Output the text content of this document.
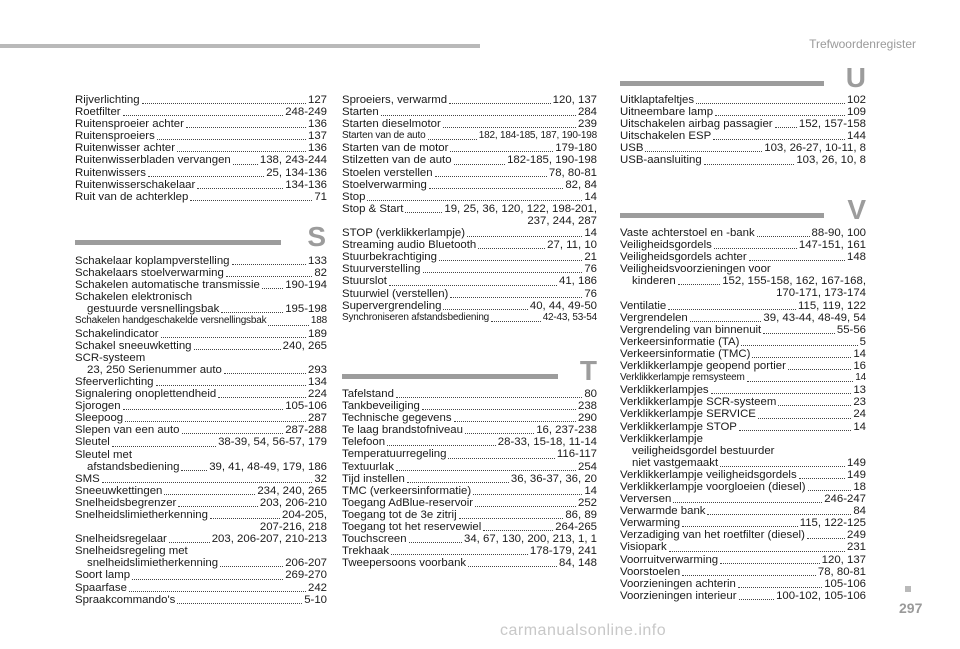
Trefwoordenregister
Rijverlichting	127
Roetfilter	248-249
Ruitensproeier achter	136
Ruitensproeiers	137
Ruitenwisser achter	136
Ruitenwisserbladen vervangen	138, 243-244
Ruitenwissers	25, 134-136
Ruitenwisserschakelaar	134-136
Ruit van de achterklep	71
S
Schakelaar koplampverstelling	133
Schakelaars stoelverwarming	82
Schakelen automatische transmissie 190-194
Schakelen elektronisch
gestuurde versnellingsbak	195-198
Schakelen handgeschakelde versnellingsbak	188
Schakelindicator	189
Schakel sneeuwketting	240, 265
SCR-systeem
23, 250 Serienummer auto	293
Sfeerverlichting	134
Signalering onoplettendheid	224
Sjorogen	105-106
Sleepoog	287
Slepen van een auto	287-288
Sleutel	38-39, 54, 56-57, 179
Sleutel met
afstandsbediening	39, 41, 48-49, 179, 186
SMS	32
Sneeuwkettingen	234, 240, 265
Snelheidsbegrenzer	203, 206-210
Snelheidslimietherkenning	204-205,
207-216, 218
Snelheidsregelaar	203, 206-207, 210-213
Snelheidsregeling met
snelheidslimietherkenning	206-207
Soort lamp	269-270
Spaarfase	242
Spraakcommando's	5-10
Sproeiers, verwarmd	120, 137
Starten	284
Starten dieselmotor	239
Starten van de auto	182, 184-185, 187, 190-198
Starten van de motor	179-180
Stilzetten van de auto	182-185, 190-198
Stoelen verstellen	78, 80-81
Stoelverwarming	82, 84
Stop	14
Stop & Start	19, 25, 36, 120, 122, 198-201,
237, 244, 287
STOP (verklikkerlampje)	14
Streaming audio Bluetooth	27, 11, 10
Stuurbekrachtiging	21
Stuurverstelling	76
Stuurslot	41, 186
Stuurwiel (verstellen)	76
Supervergrendeling	40, 44, 49-50
Synchroniseren afstandsbediening	42-43, 53-54
T
Tafelstand	80
Tankbeveiliging	238
Technische gegevens	290
Te laag brandstofniveau	16, 237-238
Telefoon	28-33, 15-18, 11-14
Temperatuurregeling	116-117
Textuurlak	254
Tijd instellen	36, 36-37, 36, 20
TMC (verkeersinformatie)	14
Toegang AdBlue-reservoir	252
Toegang tot de 3e zitrij	86, 89
Toegang tot het reservewiel	264-265
Touchscreen	34, 67, 130, 200, 213, 1, 1
Trekhaak	178-179, 241
Tweepersoons voorbank	84, 148
U
Uitklaptafeltjes	102
Uitneembare lamp	109
Uitschakelen airbag passagier 152, 157-158
Uitschakelen ESP	144
USB	103, 26-27, 10-11, 8
USB-aansluiting	103, 26, 10, 8
V
Vaste achterstoel en -bank	88-90, 100
Veiligheidsgordels	147-151, 161
Veiligheidsgordels achter	148
Veiligheidsvoorzieningen voor
kinderen	152, 155-158, 162, 167-168,
170-171, 173-174
Ventilatie	115, 119, 122
Vergrendelen	39, 43-44, 48-49, 54
Vergrendeling van binnenuit	55-56
Verkeersinformatie (TA)	5
Verkeersinformatie (TMC)	14
Verklikkerlampje geopend portier	16
Verklikkerlampje remsysteem	14
Verklikkerlampjes	13
Verklikkerlampje SCR-systeem	23
Verklikkerlampje SERVICE	24
Verklikkerlampje STOP	14
Verklikkerlampje
veiligheidsgordel bestuurder
niet vastgemaakt	149
Verklikkerlampje veiligheidsgordels	149
Verklikkerlampje voorgloeien (diesel)	18
Verversen	246-247
Verwarmde bank	84
Verwarming	115, 122-125
Verzadiging van het roetfilter (diesel)	249
Visiopark	231
Voorruitverwarming	120, 137
Voorstoelen	78, 80-81
Voorzieningen achterin	105-106
Voorzieningen interieur	100-102, 105-106
297
carmanualsonline.info
